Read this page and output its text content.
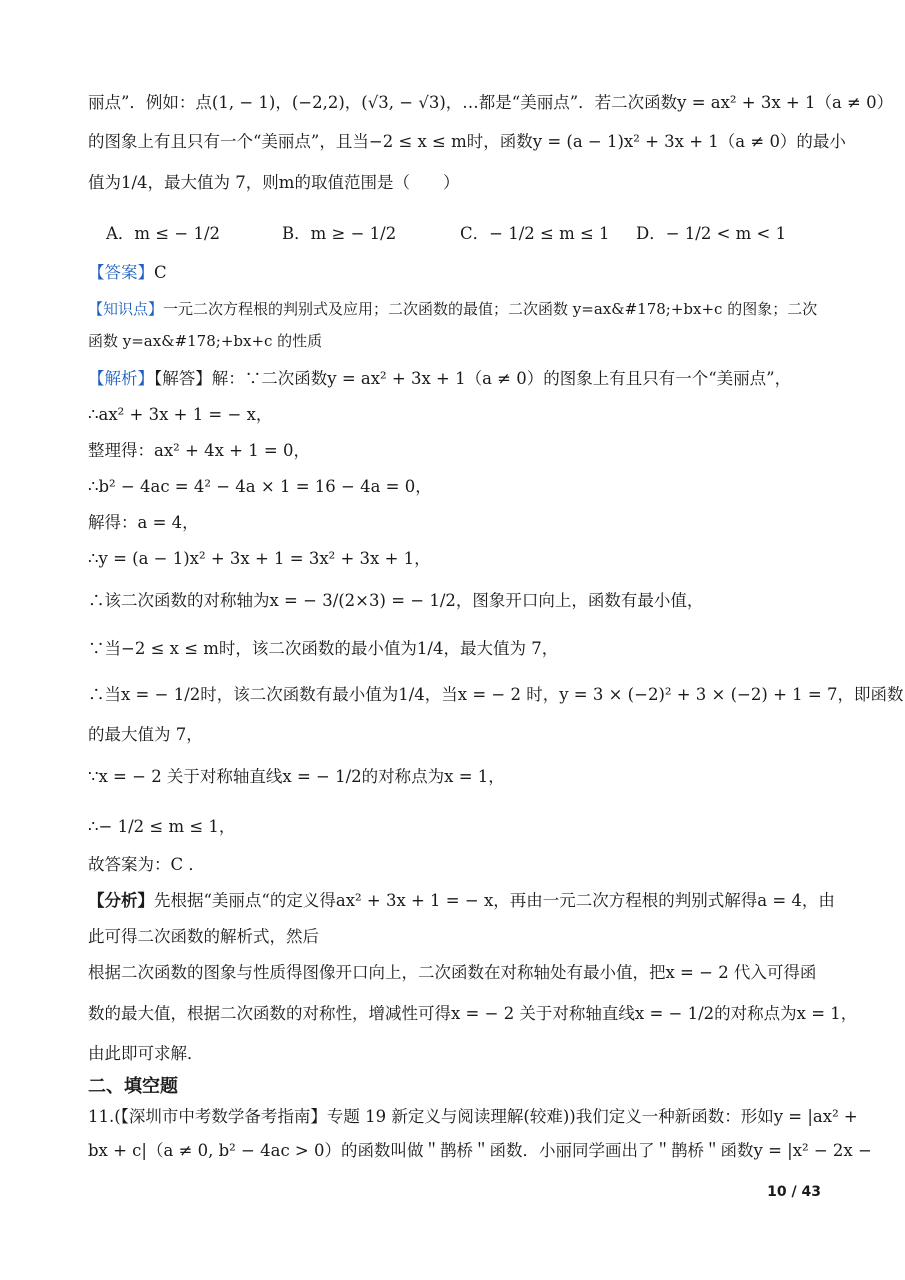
丽点”．例如：点(1, − 1)，(−2,2)，(√3, − √3)，…都是“美丽点”．若二次函数y = ax² + 3x + 1（a ≠ 0）
的图象上有且只有一个“美丽点”，且当−2 ≤ x ≤ m时，函数y = (a − 1)x² + 3x + 1（a ≠ 0）的最小
值为1/4，最大值为 7，则m的取值范围是（　　）
A．m ≤ − 1/2	B．m ≥ − 1/2	C．− 1/2 ≤ m ≤ 1 D．− 1/2 < m < 1
【答案】C
【知识点】一元二次方程根的判别式及应用；二次函数的最值；二次函数 y=ax&#178;+bx+c 的图象；二次
函数 y=ax&#178;+bx+c 的性质
【解析】【解答】解：∵二次函数y = ax² + 3x + 1（a ≠ 0）的图象上有且只有一个“美丽点”，
∴ax² + 3x + 1 = − x，
整理得：ax² + 4x + 1 = 0，
∴b² − 4ac = 4² − 4a × 1 = 16 − 4a = 0，
解得：a = 4，
∴y = (a − 1)x² + 3x + 1 = 3x² + 3x + 1，
∴该二次函数的对称轴为x = − 3/(2×3) = − 1/2，图象开口向上，函数有最小值，
∵当−2 ≤ x ≤ m时，该二次函数的最小值为1/4，最大值为 7，
∴当x = − 1/2时，该二次函数有最小值为1/4，当x = − 2 时，y = 3 × (−2)² + 3 × (−2) + 1 = 7，即函数
的最大值为 7，
∵x = − 2 关于对称轴直线x = − 1/2的对称点为x = 1，
∴− 1/2 ≤ m ≤ 1，
故答案为：C ．
【分析】先根据“美丽点“的定义得ax² + 3x + 1 = − x，再由一元二次方程根的判别式解得a = 4，由
此可得二次函数的解析式，然后
根据二次函数的图象与性质得图像开口向上，二次函数在对称轴处有最小值，把x = − 2 代入可得函
数的最大值，根据二次函数的对称性，增减性可得x = − 2 关于对称轴直线x = − 1/2的对称点为x = 1，
由此即可求解．
二、填空题
11.(【深圳市中考数学备考指南】专题 19 新定义与阅读理解(较难))我们定义一种新函数：形如y = |ax² +
bx + c|（a ≠ 0, b² − 4ac > 0）的函数叫做＂鹊桥＂函数．小丽同学画出了＂鹊桥＂函数y = |x² − 2x −
10 / 43
